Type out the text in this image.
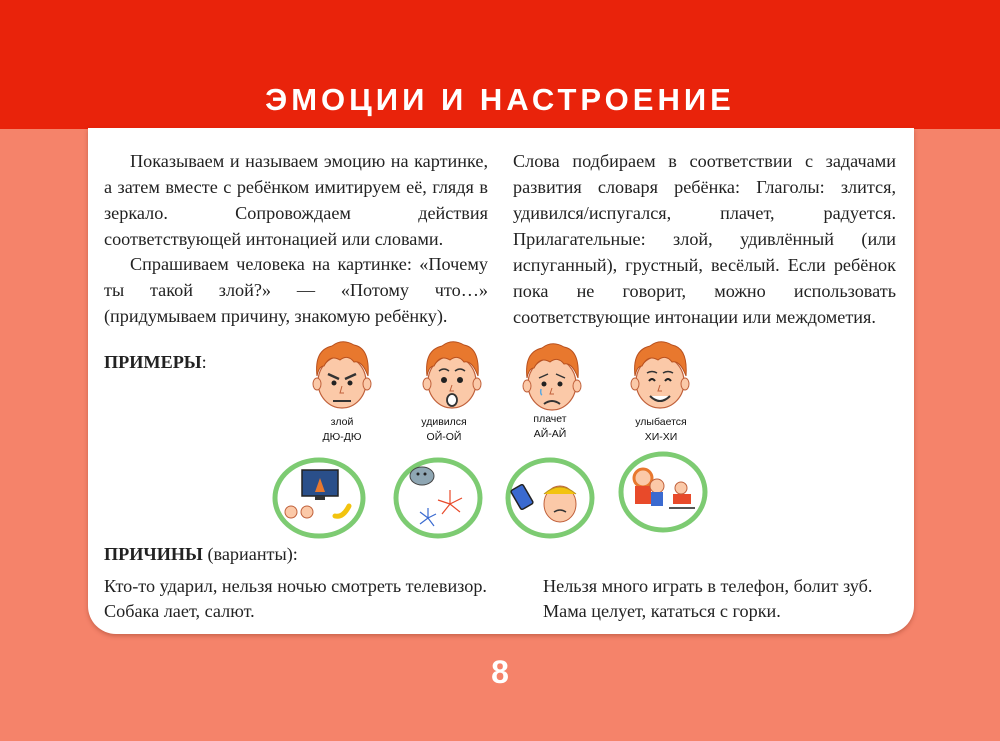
ЭМОЦИИ И НАСТРОЕНИЕ

Показываем и называем эмоцию на картинке, а затем вместе с ребёнком имитируем её, глядя в зеркало. Сопровождаем действия соответствующей интонацией или словами.

Спрашиваем человека на картинке: «Почему ты такой злой?» — «Потому что…» (придумываем причину, знакомую ребёнку).

Слова подбираем в соответствии с задачами развития словаря ребёнка: Глаголы: злится, удивился/испугался, плачет, радуется. Прилагательные: злой, удивлённый (или испуганный), грустный, весёлый. Если ребёнок пока не говорит, можно использовать соответствующие интонации или междометия.

ПРИМЕРЫ:

злой
ДЮ-ДЮ
удивился
ОЙ-ОЙ
плачет
АЙ-АЙ
улыбается
ХИ-ХИ

ПРИЧИНЫ (варианты):

Кто-то ударил, нельзя ночью смотреть телевизор. Собака лает, салют.

Нельзя много играть в телефон, болит зуб. Мама целует, кататься с горки.

8
